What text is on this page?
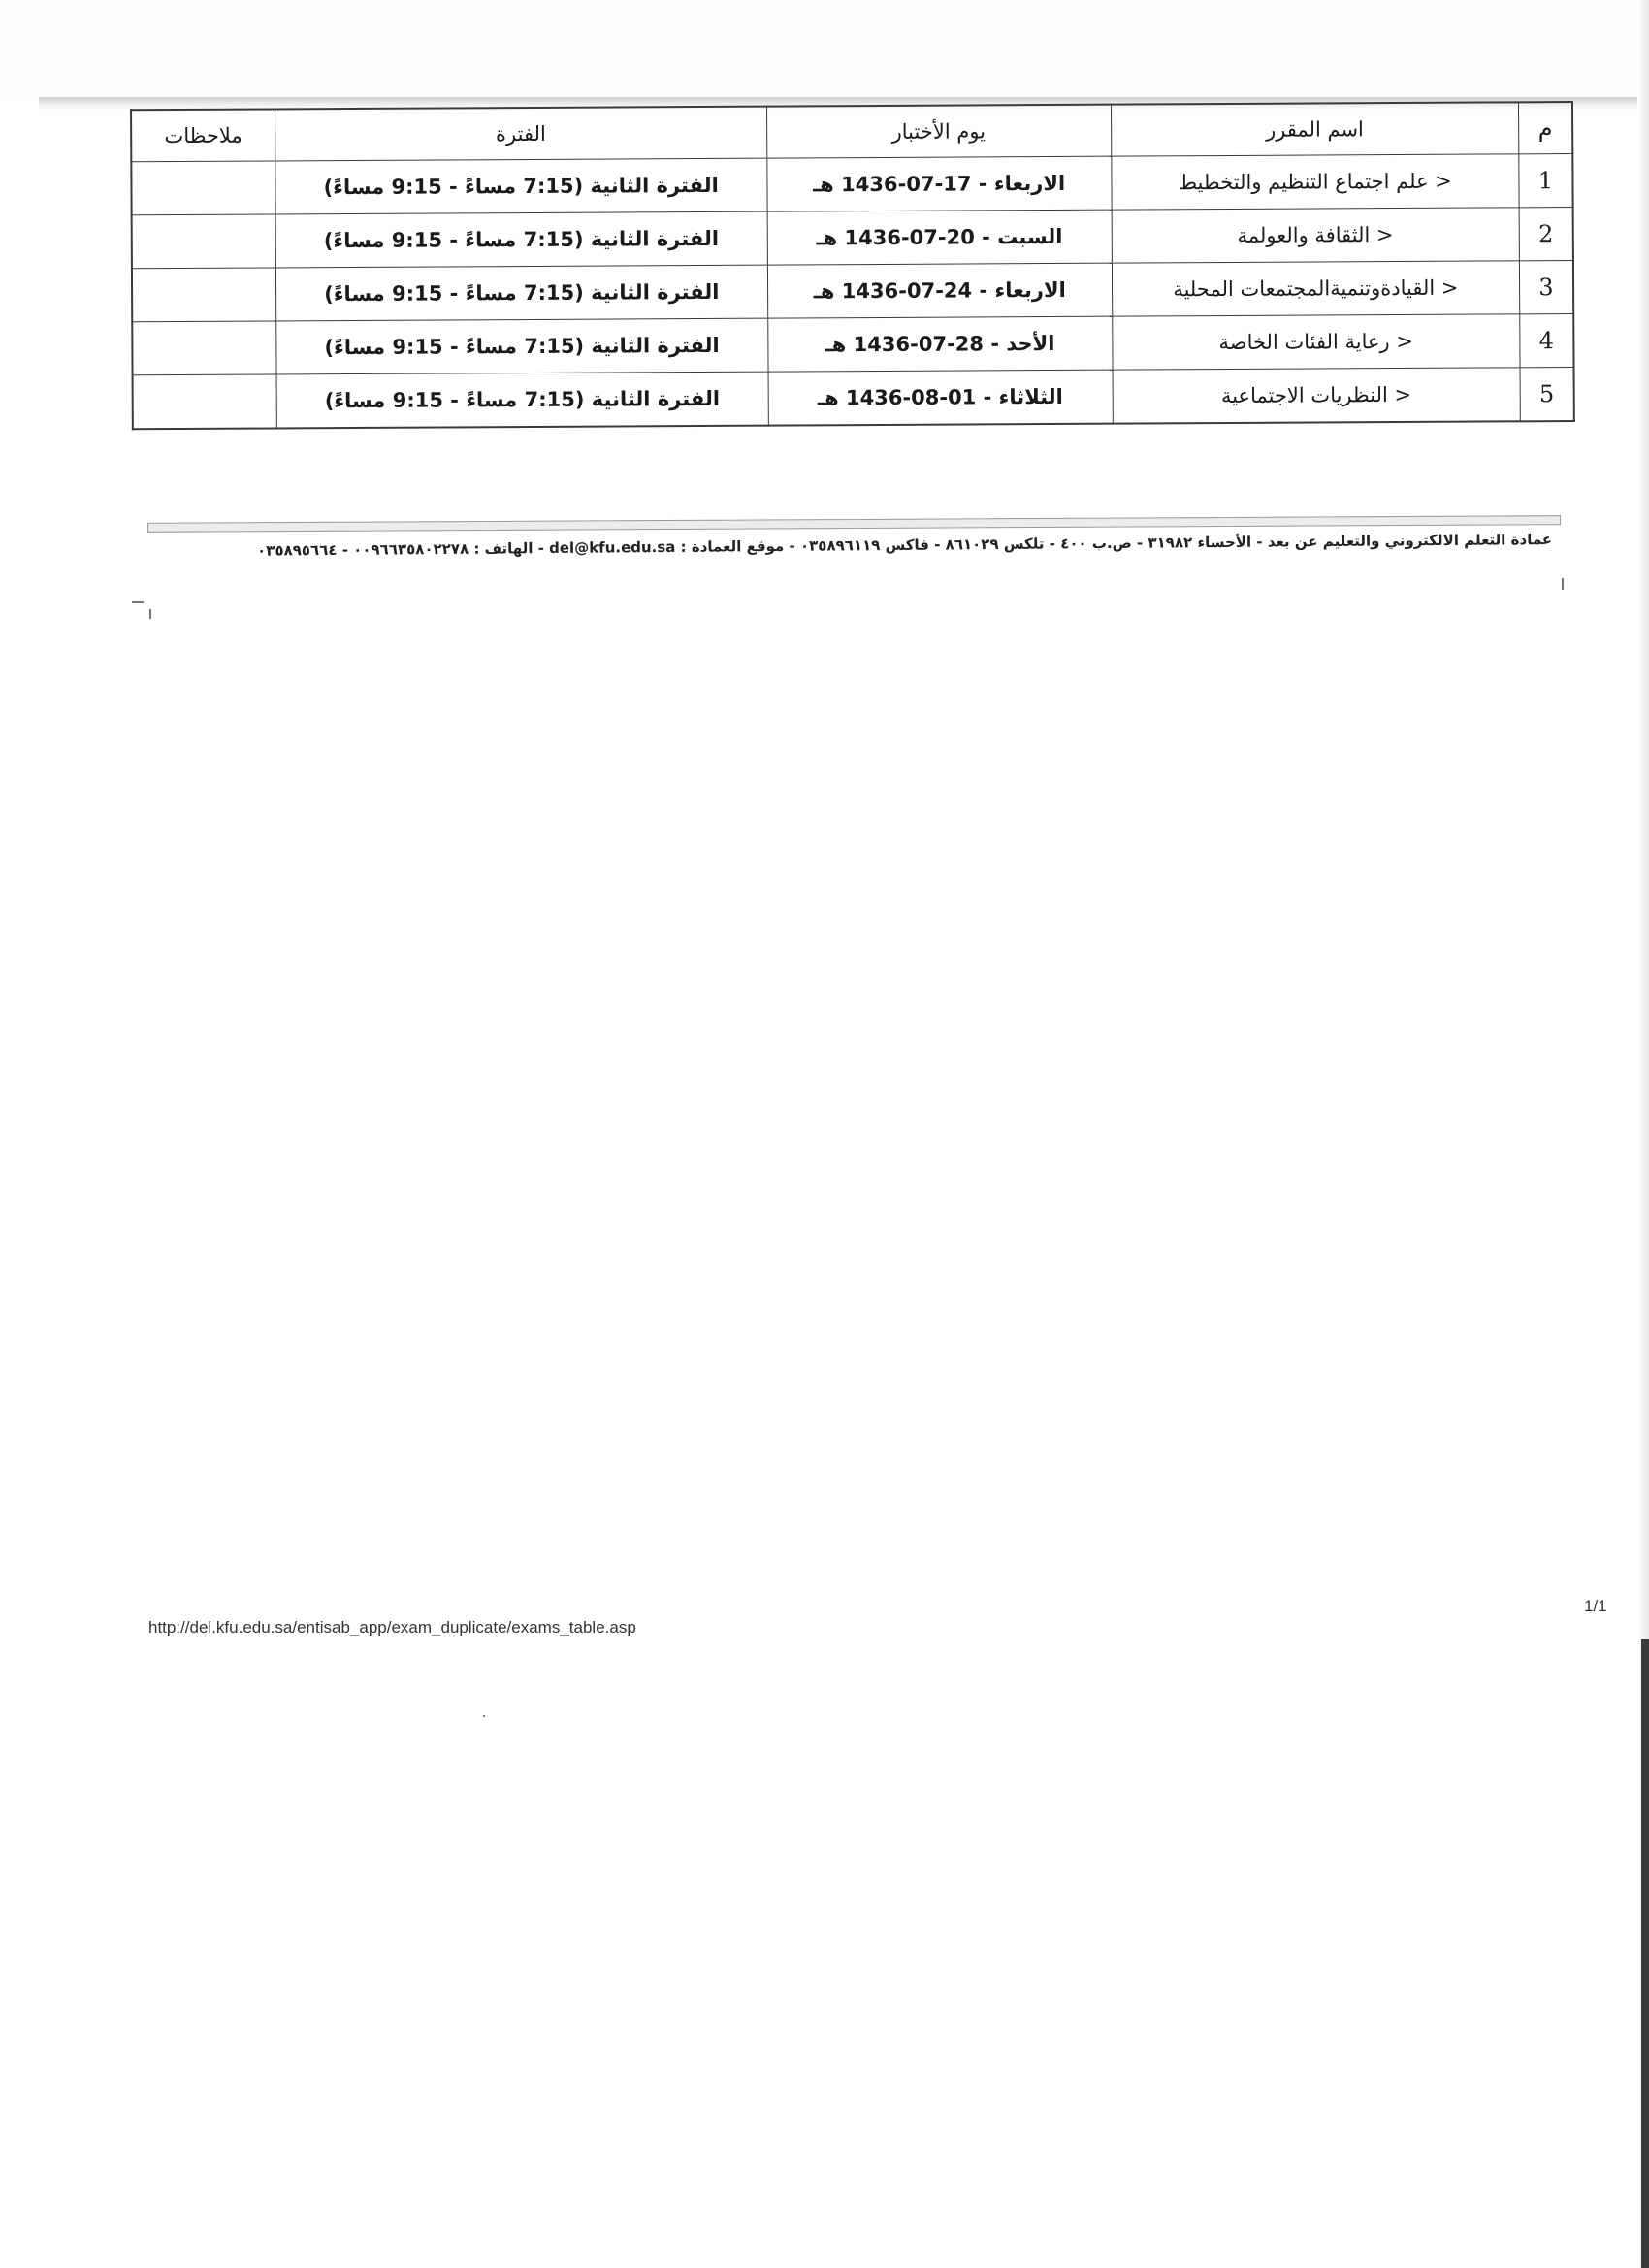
م	اسم المقرر	يوم الأختبار	الفترة	ملاحظات
1	< علم اجتماع التنظيم والتخطيط	الاربعاء - 17-07-1436 هـ	الفترة الثانية (7:15 مساءً - 9:15 مساءً)	
2	< الثقافة والعولمة	السبت - 20-07-1436 هـ	الفترة الثانية (7:15 مساءً - 9:15 مساءً)	
3	< القيادةوتنميةالمجتمعات المحلية	الاربعاء - 24-07-1436 هـ	الفترة الثانية (7:15 مساءً - 9:15 مساءً)	
4	< رعاية الفئات الخاصة	الأحد - 28-07-1436 هـ	الفترة الثانية (7:15 مساءً - 9:15 مساءً)	
5	< النظريات الاجتماعية	الثلاثاء - 01-08-1436 هـ	الفترة الثانية (7:15 مساءً - 9:15 مساءً)	
عمادة التعلم الالكتروني والتعليم عن بعد - الأحساء ٣١٩٨٢ - ص.ب ٤٠٠ - تلكس ٨٦١٠٢٩ - فاكس ٠٣٥٨٩٦١١٩ - موقع العمادة : del@kfu.edu.sa - الهاتف : ٠٠٩٦٦٣٥٨٠٢٢٧٨ - ٠٣٥٨٩٥٦٦٤
1/1
http://del.kfu.edu.sa/entisab_app/exam_duplicate/exams_table.asp
